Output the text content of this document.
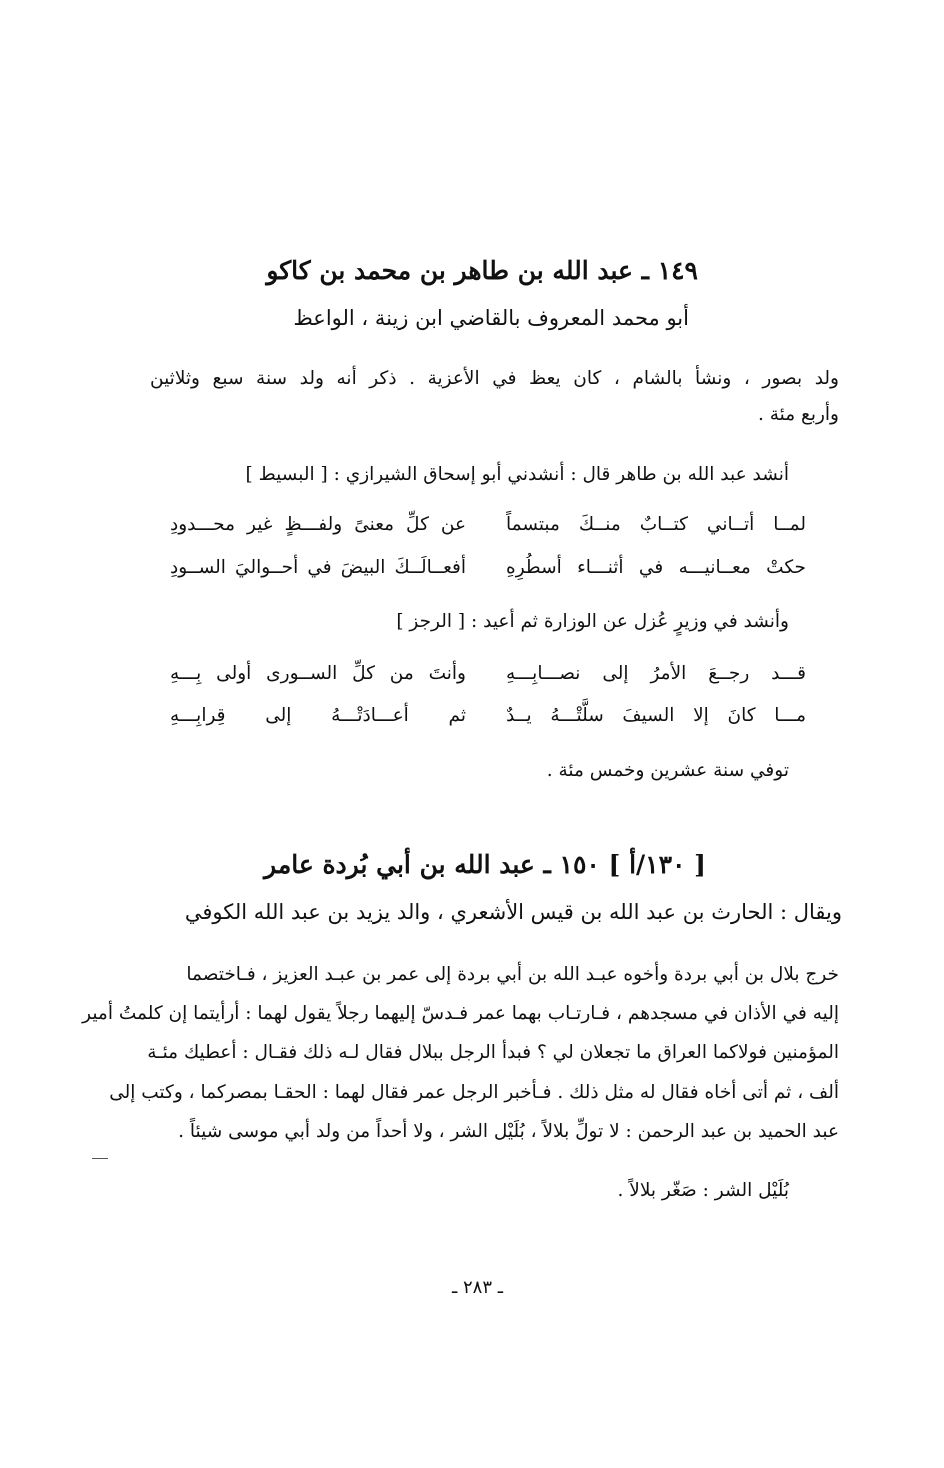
١٤٩ ـ عبد الله بن طاهر بن محمد بن كاكو
أبو محمد المعروف بالقاضي ابن زينة ، الواعظ
ولد بصور ، ونشأ بالشام ، كان يعظ في الأعزية . ذكر أنه ولد سنة سبع وثلاثين
وأربع مئة .
أنشد عبد الله بن طاهر قال : أنشدني أبو إسحاق الشيرازي : [ البسيط ]
لمــا أتــاني كتــابٌ منــكَ مبتسماً
عن كلِّ معنىً ولفـــظٍ غير محـــدودِ
حكتْ معــانيـــه في أثنـــاء أسطُرِهِ
أفعــالَــكَ البيضَ في أحــواليَ الســودِ
وأنشد في وزيرٍ عُزل عن الوزارة ثم أعيد : [ الرجز ]
قـــد رجــعَ الأمرُ إلى نصـــابِـــهِ
وأنتَ من كلِّ الســورى أولى بِـــهِ
مـــا كانَ إلا السيفَ سلَّتْـــهُ يــدٌ
ثم أعـــادَتْـــهُ إلى قِرابِـــهِ
توفي سنة عشرين وخمس مئة .
[ ١٣٠/أ ] ١٥٠ ـ عبد الله بن أبي بُردة عامر
ويقال : الحارث بن عبد الله بن قيس الأشعري ، والد يزيد بن عبد الله الكوفي
خرج بلال بن أبي بردة وأخوه عبـد الله بن أبي بردة إلى عمر بن عبـد العزيز ، فـاختصما
إليه في الأذان في مسجدهم ، فـارتـاب بهما عمر فـدسّ إليهما رجلاً يقول لهما : أرأيتما إن كلمتُ أمير
المؤمنين فولاكما العراق ما تجعلان لي ؟ فبدأ الرجل ببلال فقال لـه ذلك فقـال : أعطيك مئـة
ألف ، ثم أتى أخاه فقال له مثل ذلك . فـأخبر الرجل عمر فقال لهما : الحقـا بمصركما ، وكتب إلى
عبد الحميد بن عبد الرحمن : لا تولِّ بلالاً ، بُلَيْل الشر ، ولا أحداً من ولد أبي موسى شيئاً .
بُلَيْل الشر : صَغّر بلالاً .
ـ ٢٨٣ ـ
